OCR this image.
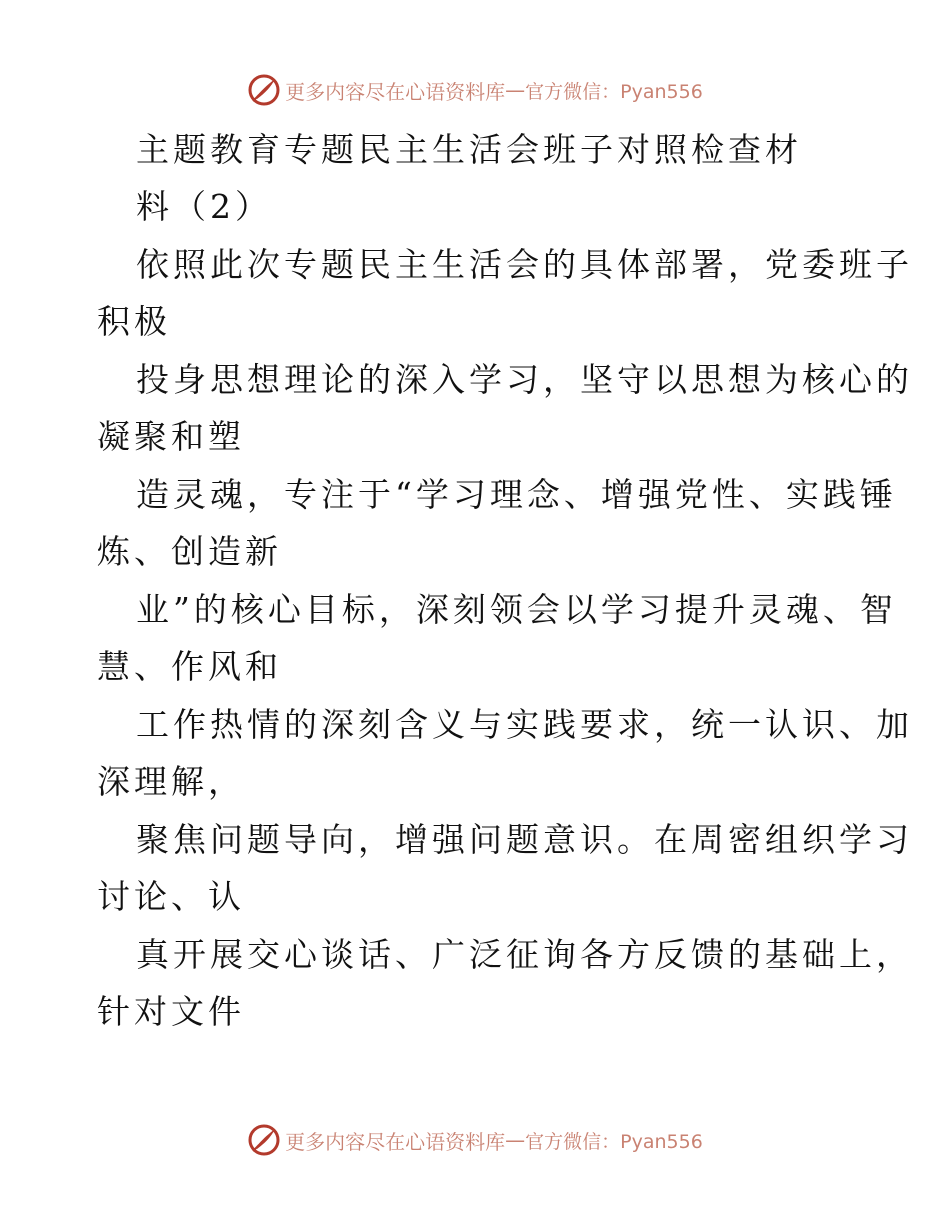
更多内容尽在心语资料库 — 官方微信：Pyan556
主题教育专题民主生活会班子对照检查材
料（2）
依照此次专题民主生活会的具体部署，党委班子
积极
投身思想理论的深入学习，坚守以思想为核心的
凝聚和塑
造灵魂，专注于“学习理念、增强党性、实践锤
炼、创造新
业”的核心目标，深刻领会以学习提升灵魂、智
慧、作风和
工作热情的深刻含义与实践要求，统一认识、加
深理解，
聚焦问题导向，增强问题意识。在周密组织学习
讨论、认
真开展交心谈话、广泛征询各方反馈的基础上，
针对文件
更多内容尽在心语资料库 — 官方微信：Pyan556
